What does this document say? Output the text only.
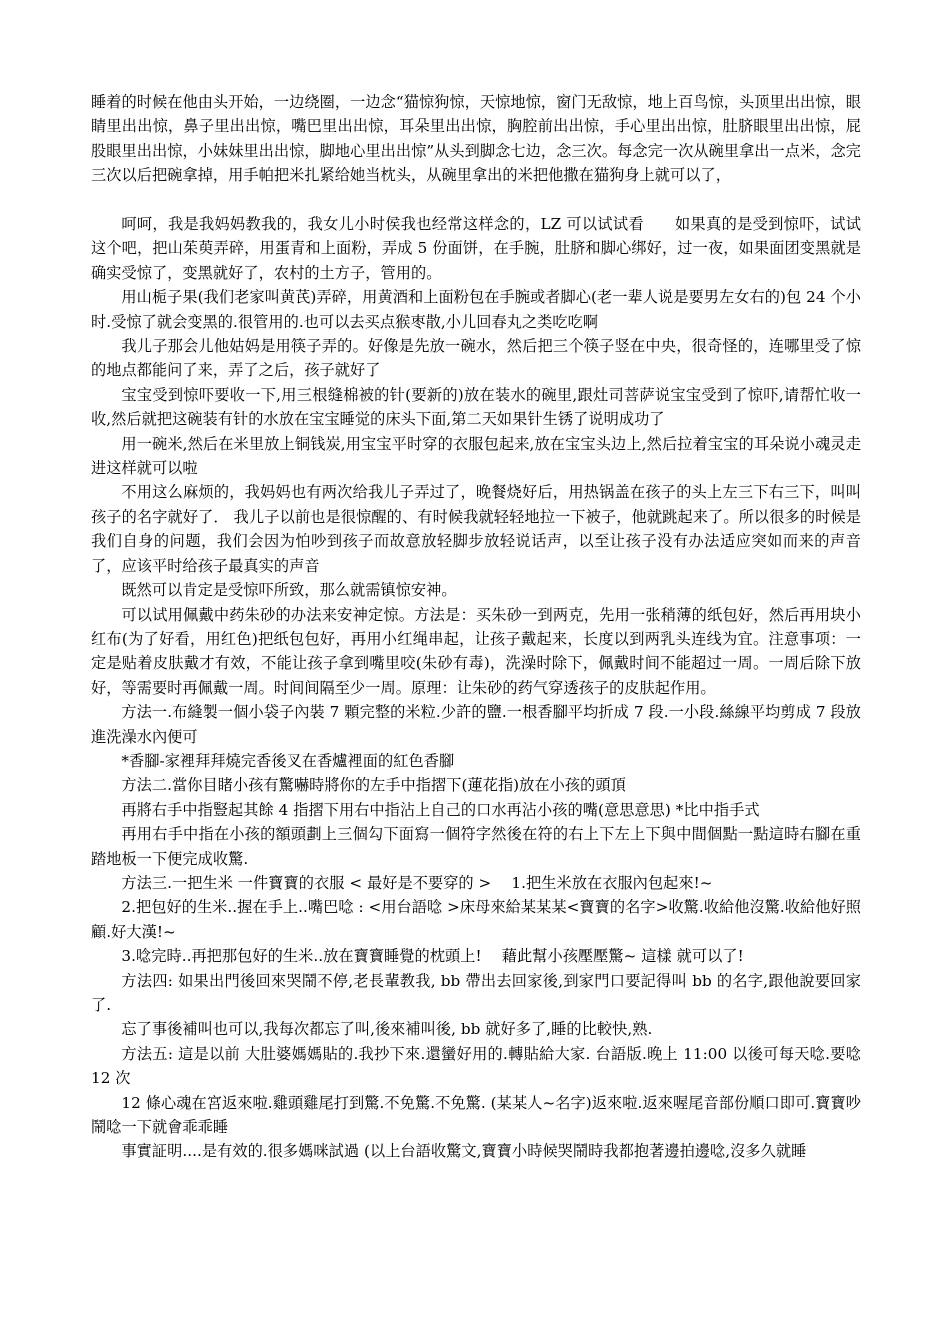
睡着的时候在他由头开始，一边绕圈，一边念“猫惊狗惊，天惊地惊，窗门无敌惊，地上百鸟惊，头顶里出出惊，眼睛里出出惊，鼻子里出出惊，嘴巴里出出惊，耳朵里出出惊，胸腔前出出惊，手心里出出惊，肚脐眼里出出惊，屁股眼里出出惊，小妹妹里出出惊，脚地心里出出惊”从头到脚念七边，念三次。每念完一次从碗里拿出一点米，念完三次以后把碗拿掉，用手帕把米扎紧给她当枕头，从碗里拿出的米把他撒在猫狗身上就可以了，

呵呵，我是我妈妈教我的，我女儿小时侯我也经常这样念的，LZ 可以试试看　　如果真的是受到惊吓，试试这个吧，把山茱萸弄碎，用蛋青和上面粉，弄成 5 份面饼，在手腕，肚脐和脚心绑好，过一夜，如果面团变黑就是确实受惊了，变黑就好了，农村的土方子，管用的。

用山栀子果(我们老家叫黄芪)弄碎，用黄酒和上面粉包在手腕或者脚心(老一辈人说是要男左女右的)包 24 个小时.受惊了就会变黑的.很管用的.也可以去买点猴枣散,小儿回春丸之类吃吃啊

我儿子那会儿他姑妈是用筷子弄的。好像是先放一碗水，然后把三个筷子竖在中央，很奇怪的，连哪里受了惊的地点都能问了来，弄了之后，孩子就好了

宝宝受到惊吓要收一下,用三根缝棉被的针(要新的)放在装水的碗里,跟灶司菩萨说宝宝受到了惊吓,请帮忙收一收,然后就把这碗装有针的水放在宝宝睡觉的床头下面,第二天如果针生锈了说明成功了

用一碗米,然后在米里放上铜钱炭,用宝宝平时穿的衣服包起来,放在宝宝头边上,然后拉着宝宝的耳朵说小魂灵走进这样就可以啦

不用这么麻烦的，我妈妈也有两次给我儿子弄过了，晚餐烧好后，用热锅盖在孩子的头上左三下右三下，叫叫孩子的名字就好了． 我儿子以前也是很惊醒的、有时候我就轻轻地拉一下被子，他就跳起来了。所以很多的时候是我们自身的问题，我们会因为怕吵到孩子而故意放轻脚步放轻说话声，以至让孩子没有办法适应突如而来的声音了，应该平时给孩子最真实的声音

既然可以肯定是受惊吓所致，那么就需镇惊安神。

可以试用佩戴中药朱砂的办法来安神定惊。方法是：买朱砂一到两克，先用一张稍薄的纸包好，然后再用块小红布(为了好看，用红色)把纸包包好，再用小红绳串起，让孩子戴起来，长度以到两乳头连线为宜。注意事项：一定是贴着皮肤戴才有效，不能让孩子拿到嘴里咬(朱砂有毒)，洗澡时除下，佩戴时间不能超过一周。一周后除下放好，等需要时再佩戴一周。时间间隔至少一周。原理：让朱砂的药气穿透孩子的皮肤起作用。

方法一.布縫製一個小袋子內裝 7 顆完整的米粒.少許的鹽.一根香腳平均折成 7 段.一小段.絲線平均剪成 7 段放進洗澡水內便可

*香腳-家裡拜拜燒完香後叉在香爐裡面的紅色香腳

方法二.當你目睹小孩有驚嚇時將你的左手中指摺下(蓮花指)放在小孩的頭頂

再將右手中指豎起其餘 4 指摺下用右中指沾上自己的口水再沾小孩的嘴(意思意思) *比中指手式

再用右手中指在小孩的額頭劃上三個勾下面寫一個符字然後在符的右上下左上下與中間個點一點這時右腳在重踏地板一下便完成收驚.

方法三.一把生米 一件寶寶的衣服 < 最好是不要穿的 >　 1.把生米放在衣服內包起來!~

2.把包好的生米..握在手上..嘴巴唸 : <用台語唸 >床母來給某某某<寶寶的名字>收驚.收給他沒驚.收給他好照顧.好大漢!~

3.唸完時..再把那包好的生米..放在寶寶睡覺的枕頭上!　 藉此幫小孩壓壓驚~ 這樣 就可以了!

方法四: 如果出門後回來哭鬧不停,老長輩教我, bb 帶出去回家後,到家門口要記得叫 bb 的名字,跟他說要回家了.

忘了事後補叫也可以,我每次都忘了叫,後來補叫後, bb 就好多了,睡的比較快,熟.

方法五: 這是以前 大肚婆媽媽貼的.我抄下來.還蠻好用的.轉貼給大家. 台語版.晚上 11:00 以後可每天唸.要唸 12 次

12 條心魂在宮返來啦.雞頭雞尾打到驚.不免驚.不免驚. (某某人~名字)返來啦.返來喔尾音部份順口即可.寶寶吵鬧唸一下就會乖乖睡

事實証明....是有效的.很多媽咪試過 (以上台語收驚文,寶寶小時候哭鬧時我都抱著邊拍邊唸,沒多久就睡
